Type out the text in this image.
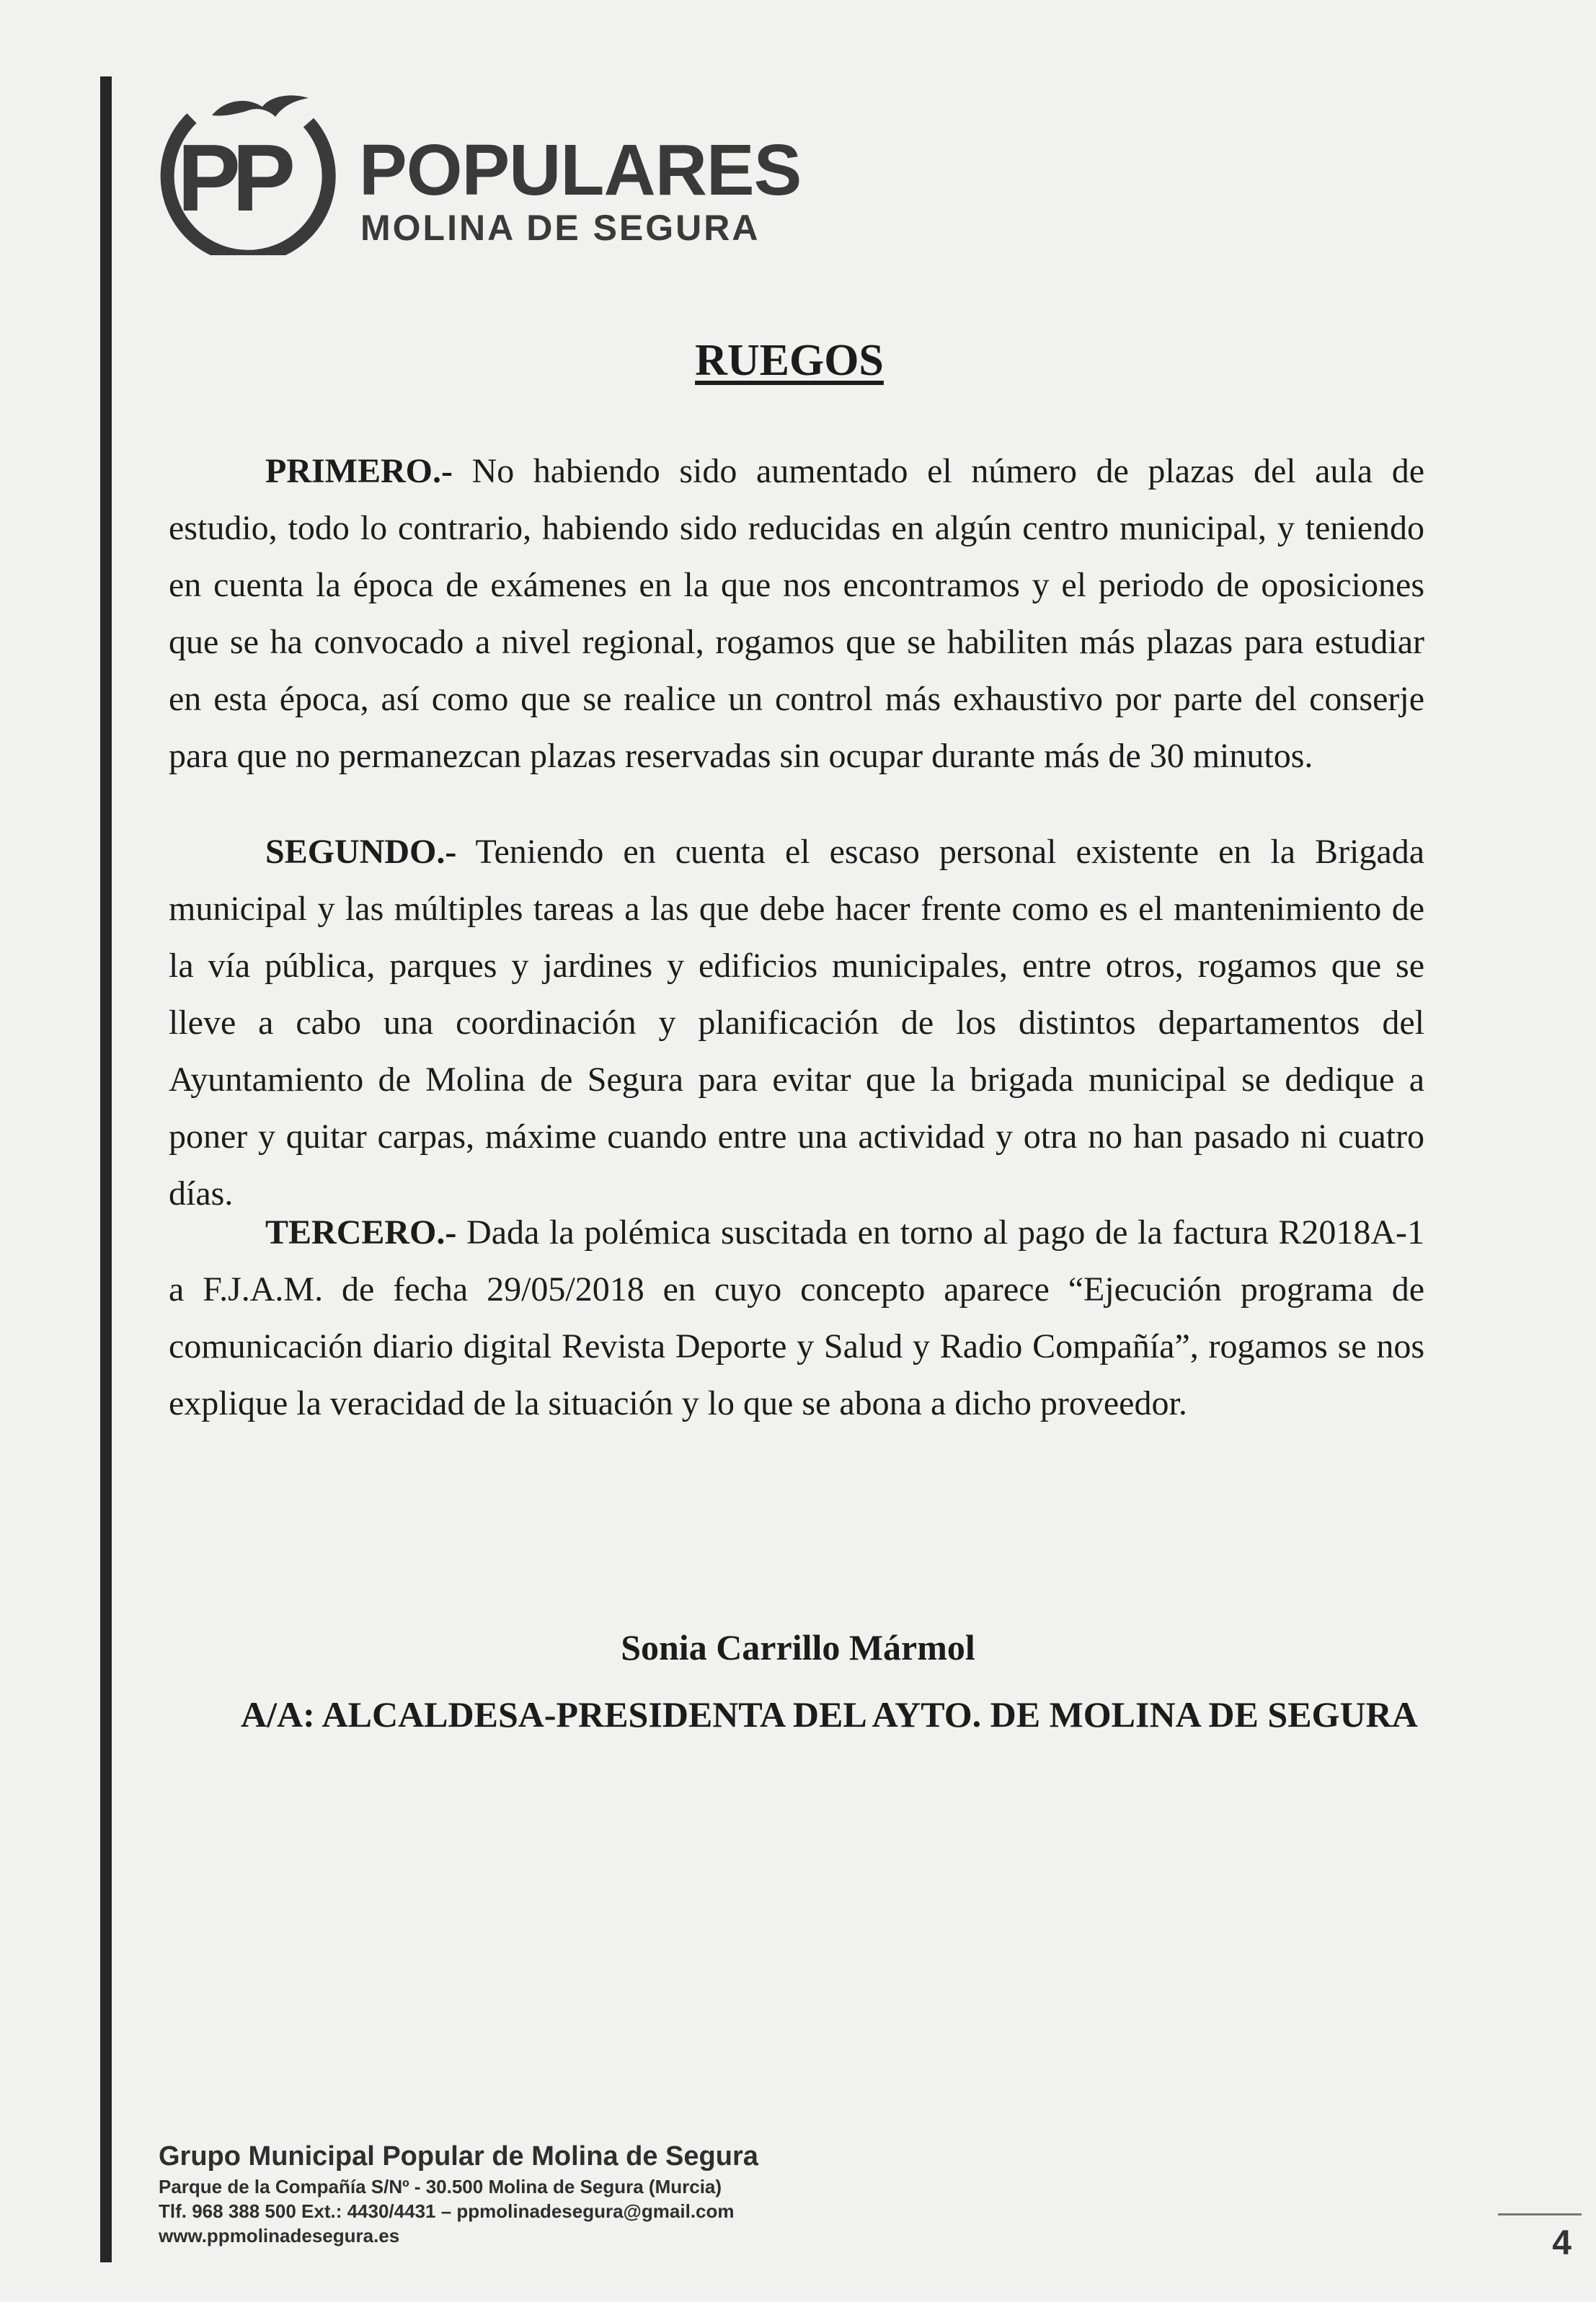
PP POPULARES

MOLINA DE SEGURA

RUEGOS

PRIMERO.- No habiendo sido aumentado el número de plazas del aula de estudio, todo lo contrario, habiendo sido reducidas en algún centro municipal, y teniendo en cuenta la época de exámenes en la que nos encontramos y el periodo de oposiciones que se ha convocado a nivel regional, rogamos que se habiliten más plazas para estudiar en esta época, así como que se realice un control más exhaustivo por parte del conserje para que no permanezcan plazas reservadas sin ocupar durante más de 30 minutos.

SEGUNDO.- Teniendo en cuenta el escaso personal existente en la Brigada municipal y las múltiples tareas a las que debe hacer frente como es el mantenimiento de la vía pública, parques y jardines y edificios municipales, entre otros, rogamos que se lleve a cabo una coordinación y planificación de los distintos departamentos del Ayuntamiento de Molina de Segura para evitar que la brigada municipal se dedique a poner y quitar carpas, máxime cuando entre una actividad y otra no han pasado ni cuatro días.

TERCERO.- Dada la polémica suscitada en torno al pago de la factura R2018A-1 a F.J.A.M. de fecha 29/05/2018 en cuyo concepto aparece “Ejecución programa de comunicación diario digital Revista Deporte y Salud y Radio Compañía”, rogamos se nos explique la veracidad de la situación y lo que se abona a dicho proveedor.

Sonia Carrillo Mármol

A/A: ALCALDESA-PRESIDENTA DEL AYTO. DE MOLINA DE SEGURA

Grupo Municipal Popular de Molina de Segura

Parque de la Compañía S/Nº - 30.500 Molina de Segura (Murcia)

Tlf. 968 388 500 Ext.: 4430/4431 – ppmolinadesegura@gmail.com

www.ppmolinadesegura.es	4
